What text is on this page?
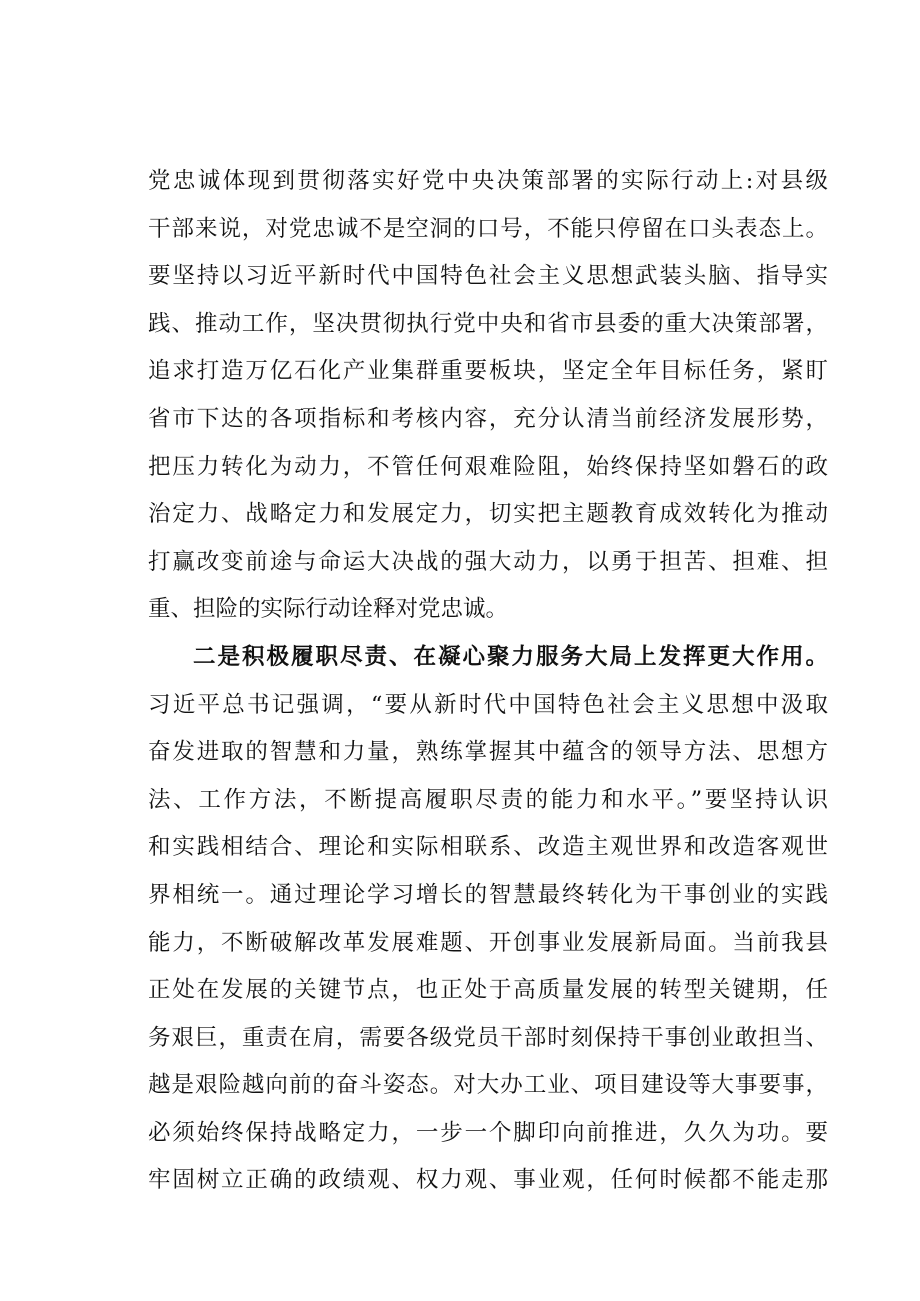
党忠诚体现到贯彻落实好党中央决策部署的实际行动上:对县级
干部来说，对党忠诚不是空洞的口号，不能只停留在口头表态上。
要坚持以习近平新时代中国特色社会主义思想武装头脑、指导实
践、推动工作，坚决贯彻执行党中央和省市县委的重大决策部署，
追求打造万亿石化产业集群重要板块，坚定全年目标任务，紧盯
省市下达的各项指标和考核内容，充分认清当前经济发展形势，
把压力转化为动力，不管任何艰难险阻，始终保持坚如磐石的政
治定力、战略定力和发展定力，切实把主题教育成效转化为推动
打赢改变前途与命运大决战的强大动力，以勇于担苦、担难、担
重、担险的实际行动诠释对党忠诚。
二是积极履职尽责、在凝心聚力服务大局上发挥更大作用。
习近平总书记强调，“要从新时代中国特色社会主义思想中汲取
奋发进取的智慧和力量，熟练掌握其中蕴含的领导方法、思想方
法、工作方法，不断提高履职尽责的能力和水平。”要坚持认识
和实践相结合、理论和实际相联系、改造主观世界和改造客观世
界相统一。通过理论学习增长的智慧最终转化为干事创业的实践
能力，不断破解改革发展难题、开创事业发展新局面。当前我县
正处在发展的关键节点，也正处于高质量发展的转型关键期，任
务艰巨，重责在肩，需要各级党员干部时刻保持干事创业敢担当、
越是艰险越向前的奋斗姿态。对大办工业、项目建设等大事要事，
必须始终保持战略定力，一步一个脚印向前推进，久久为功。要
牢固树立正确的政绩观、权力观、事业观，任何时候都不能走那
